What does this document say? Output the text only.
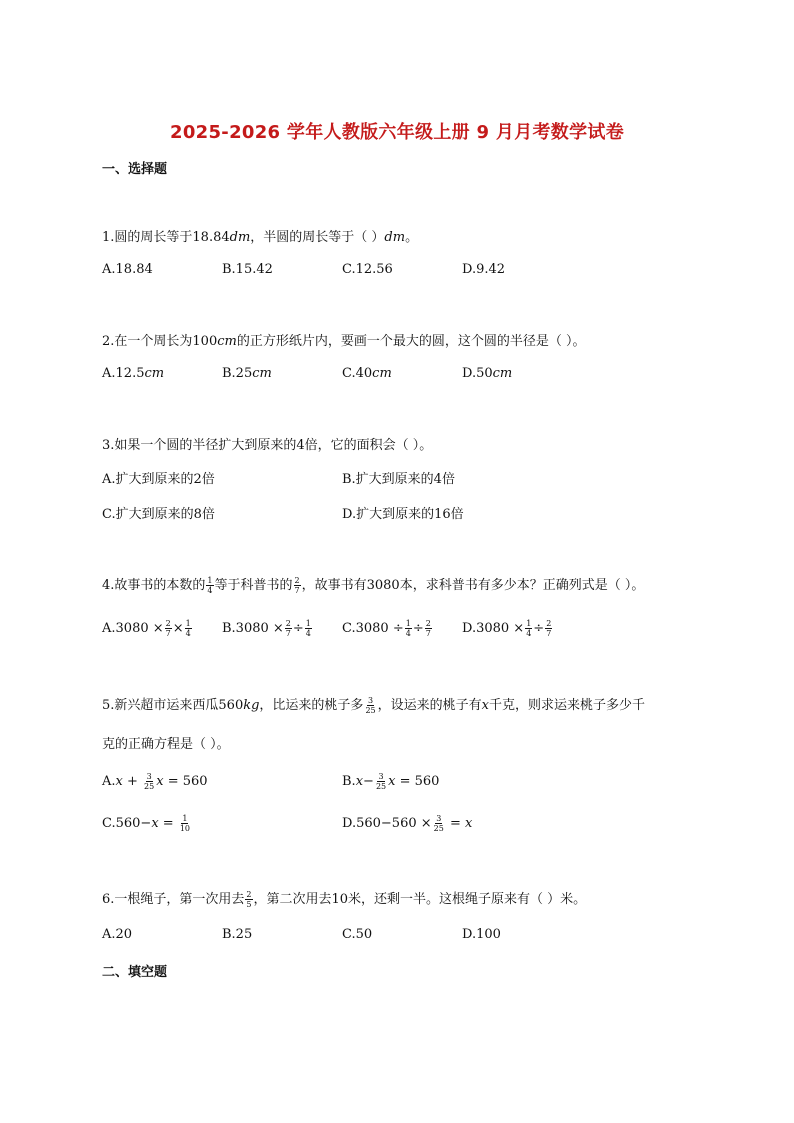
2025-2026 学年人教版六年级上册 9 月月考数学试卷
一、选择题
1.圆的周长等于18.84dm，半圆的周长等于（ ）dm。
A.18.84	B.15.42	C.12.56	D.9.42
2.在一个周长为100cm的正方形纸片内，要画一个最大的圆，这个圆的半径是（ ）。
A.12.5cm	B.25cm	C.40cm	D.50cm
3.如果一个圆的半径扩大到原来的4倍，它的面积会（ ）。
A.扩大到原来的2倍	B.扩大到原来的4倍
C.扩大到原来的8倍	D.扩大到原来的16倍
4.故事书的本数的 $\frac{1}{4}$ 等于科普书的 $\frac{2}{7}$ ，故事书有3080本，求科普书有多少本？正确列式是（ ）。
$A.3080 \times \frac{2}{7} \times \frac{1}{4} B.3080 \times \frac{2}{7} \div \frac{1}{4} C.3080 \div \frac{1}{4} \div \frac{2}{7} D.3080 \times \frac{1}{4} \div \frac{2}{7}$
5.新兴超市运来西瓜560kg，比运来的桃子多 $\frac{3}{25}$ ，设运来的桃子有x千克，则求运来桃子多少千
克的正确方程是（ ）。
$A.x + \frac{3}{25}$ x = 560	$B.x- \frac{3}{25}$ x = 560
$C.560-x = \frac{1}{10}$	$D.560-560 \times \frac{3}{25} = x$
6.一根绳子，第一次用去 $\frac{2}{5}$ ，第二次用去10米，还剩一半。这根绳子原来有（ ）米。
A.20	B.25	C.50	D.100
二、填空题
